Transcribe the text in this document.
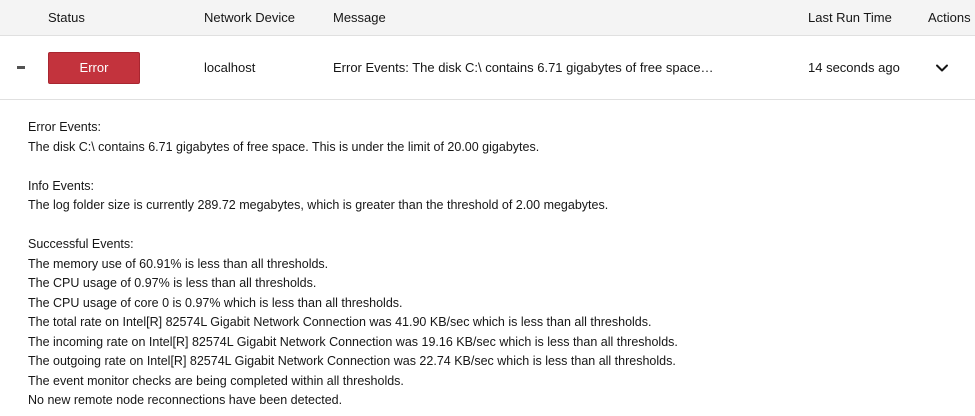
Status	Network Device	Message	Last Run Time	Actions
Error	localhost	Error Events: The disk C:\ contains 6.71 gigabytes of free space…	14 seconds ago
Error Events:
The disk C:\ contains 6.71 gigabytes of free space. This is under the limit of 20.00 gigabytes.
Info Events:
The log folder size is currently 289.72 megabytes, which is greater than the threshold of 2.00 megabytes.
Successful Events:
The memory use of 60.91% is less than all thresholds.
The CPU usage of 0.97% is less than all thresholds.
The CPU usage of core 0 is 0.97% which is less than all thresholds.
The total rate on Intel[R] 82574L Gigabit Network Connection was 41.90 KB/sec which is less than all thresholds.
The incoming rate on Intel[R] 82574L Gigabit Network Connection was 19.16 KB/sec which is less than all thresholds.
The outgoing rate on Intel[R] 82574L Gigabit Network Connection was 22.74 KB/sec which is less than all thresholds.
The event monitor checks are being completed within all thresholds.
No new remote node reconnections have been detected.
